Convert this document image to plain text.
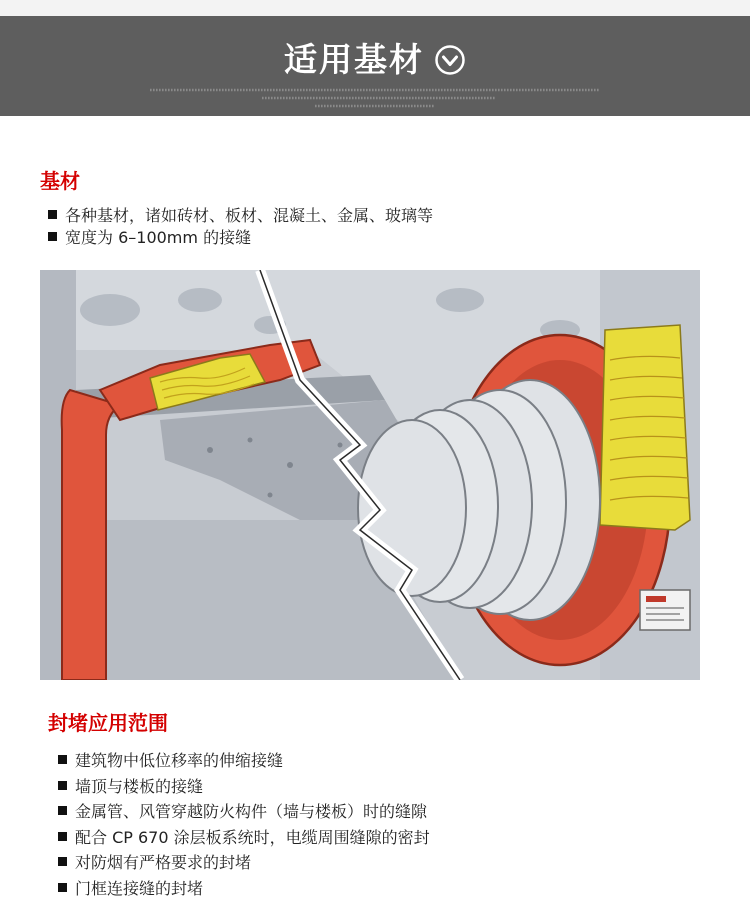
适用基材
基材
各种基材，诸如砖材、板材、混凝土、金属、玻璃等
宽度为 6–100mm 的接缝
封堵应用范围
建筑物中低位移率的伸缩接缝
墙顶与楼板的接缝
金属管、风管穿越防火构件（墙与楼板）时的缝隙
配合 CP 670 涂层板系统时，电缆周围缝隙的密封
对防烟有严格要求的封堵
门框连接缝的封堵
